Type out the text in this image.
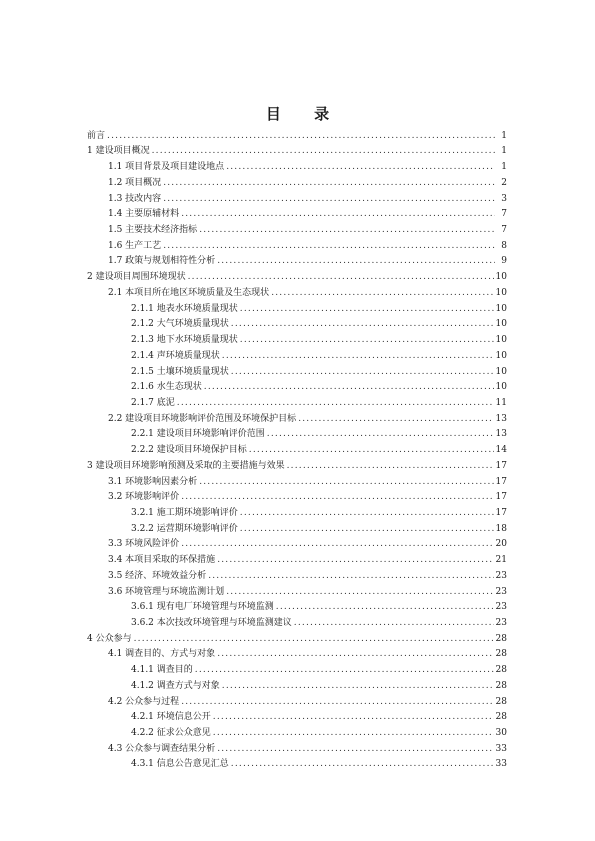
目 录
前言 .....	1
1 建设项目概况 .....	1
1.1 项目背景及项目建设地点 .....	1
1.2 项目概况 .....	2
1.3 技改内容 .....	3
1.4 主要原辅材料 .....	7
1.5 主要技术经济指标 .....	7
1.6 生产工艺 .....	8
1.7 政策与规划相符性分析 .....	9
2 建设项目周围环境现状 .....	10
2.1 本项目所在地区环境质量及生态现状 .....	10
2.1.1 地表水环境质量现状 .....	10
2.1.2 大气环境质量现状 .....	10
2.1.3 地下水环境质量现状 .....	10
2.1.4 声环境质量现状 .....	10
2.1.5 土壤环境质量现状 .....	10
2.1.6 水生态现状 .....	10
2.1.7 底泥 .....	11
2.2 建设项目环境影响评价范围及环境保护目标 .....	13
2.2.1 建设项目环境影响评价范围 .....	13
2.2.2 建设项目环境保护目标 .....	14
3 建设项目环境影响预测及采取的主要措施与效果 .....	17
3.1 环境影响因素分析 .....	17
3.2 环境影响评价 .....	17
3.2.1 施工期环境影响评价 .....	17
3.2.2 运营期环境影响评价 .....	18
3.3 环境风险评价 .....	20
3.4 本项目采取的环保措施 .....	21
3.5 经济、环境效益分析 .....	23
3.6 环境管理与环境监测计划 .....	23
3.6.1 现有电厂环境管理与环境监测 .....	23
3.6.2 本次技改环境管理与环境监测建议 .....	23
4 公众参与 .....	28
4.1 调查目的、方式与对象 .....	28
4.1.1 调查目的 .....	28
4.1.2 调查方式与对象 .....	28
4.2 公众参与过程 .....	28
4.2.1 环境信息公开 .....	28
4.2.2 征求公众意见 .....	30
4.3 公众参与调查结果分析 .....	33
4.3.1 信息公告意见汇总 .....	33
